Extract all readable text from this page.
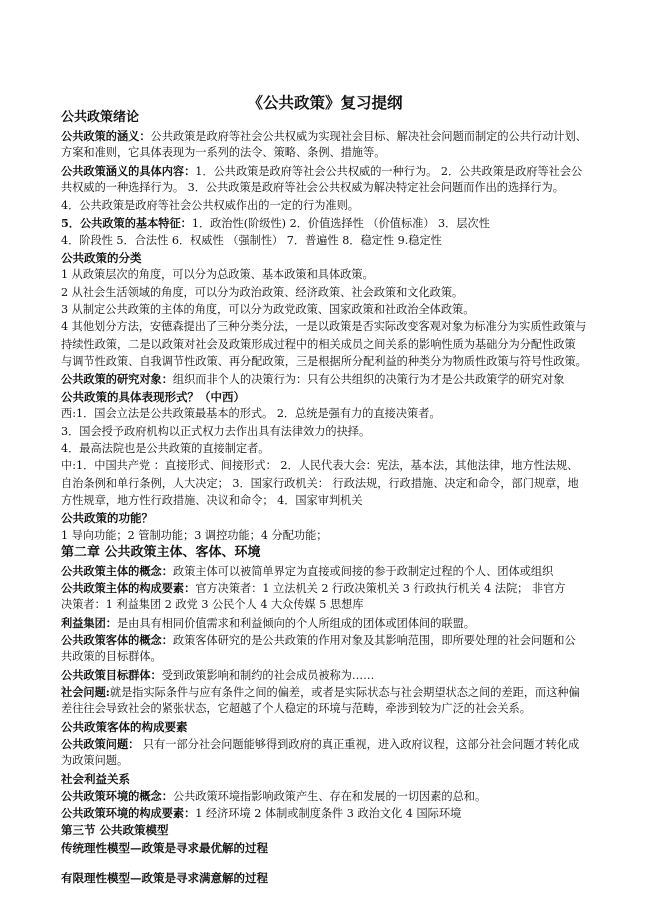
《公共政策》复习提纲
公共政策绪论
公共政策的涵义：公共政策是政府等社会公共权威为实现社会目标、解决社会问题而制定的公共行动计划、
方案和准则，它具体表现为一系列的法令、策略、条例、措施等。
公共政策涵义的具体内容：1．公共政策是政府等社会公共权威的一种行为。 2．公共政策是政府等社会公
共权威的一种选择行为。 3．公共政策是政府等社会公共权威为解决特定社会问题而作出的选择行为。
4．公共政策是政府等社会公共权威作出的一定的行为准则。
5．公共政策的基本特征：1．政治性(阶级性) 2．价值选择性 （价值标准） 3．层次性
4．阶段性 5．合法性 6．权威性 （强制性） 7．普遍性 8．稳定性 9.稳定性
公共政策的分类
1 从政策层次的角度，可以分为总政策、基本政策和具体政策。
2 从社会生活领域的角度，可以分为政治政策、经济政策、社会政策和文化政策。
3 从制定公共政策的主体的角度，可以分为政党政策、国家政策和社政治全体政策。
4 其他划分方法，安德森提出了三种分类分法，一是以政策是否实际改变客观对象为标准分为实质性政策与
持续性政策，二是以政策对社会及政策形成过程中的相关成员之间关系的影响性质为基础分为分配性政策
与调节性政策、自我调节性政策、再分配政策，三是根据所分配利益的种类分为物质性政策与符号性政策。
公共政策的研究对象：组织而非个人的决策行为：只有公共组织的决策行为才是公共政策学的研究对象
公共政策的具体表现形式？（中西）
西:1．国会立法是公共政策最基本的形式。 2．总统是强有力的直接决策者。
3．国会授予政府机构以正式权力去作出具有法律效力的抉择。
4．最高法院也是公共政策的直接制定者。
中:1．中国共产党 ：直接形式、间接形式： 2．人民代表大会：宪法，基本法，其他法律，地方性法规、
自治条例和单行条例，人大决定； 3．国家行政机关： 行政法规，行政措施、决定和命令，部门规章，地
方性规章，地方性行政措施、决议和命令； 4．国家审判机关
公共政策的功能？
1 导向功能；2 管制功能；3 调控功能；4 分配功能；
第二章 公共政策主体、客体、环境
公共政策主体的概念：政策主体可以被简单界定为直接或间接的参于政制定过程的个人、团体或组织
公共政策主体的构成要素：官方决策者：1 立法机关 2 行政决策机关 3 行政执行机关 4 法院； 非官方
决策者：1 利益集团 2 政党 3 公民个人 4 大众传媒 5 思想库
利益集团：是由具有相同价值需求和利益倾向的个人所组成的团体或团体间的联盟。
公共政策客体的概念：政策客体研究的是公共政策的作用对象及其影响范围，即所要处理的社会问题和公
共政策的目标群体。
公共政策目标群体：受到政策影响和制约的社会成员被称为……
社会问题:就是指实际条件与应有条件之间的偏差，或者是实际状态与社会期望状态之间的差距，而这种偏
差往往会导致社会的紧张状态，它超越了个人稳定的环境与范畴，牵涉到较为广泛的社会关系。
公共政策客体的构成要素
公共政策问题： 只有一部分社会问题能够得到政府的真正重视，进入政府议程，这部分社会问题才转化成
为政策问题。
社会利益关系
公共政策环境的概念：公共政策环境指影响政策产生、存在和发展的一切因素的总和。
公共政策环境的构成要素：1 经济环境 2 体制或制度条件 3 政治文化 4 国际环境
第三节 公共政策模型
传统理性模型—政策是寻求最优解的过程
有限理性模型—政策是寻求满意解的过程
